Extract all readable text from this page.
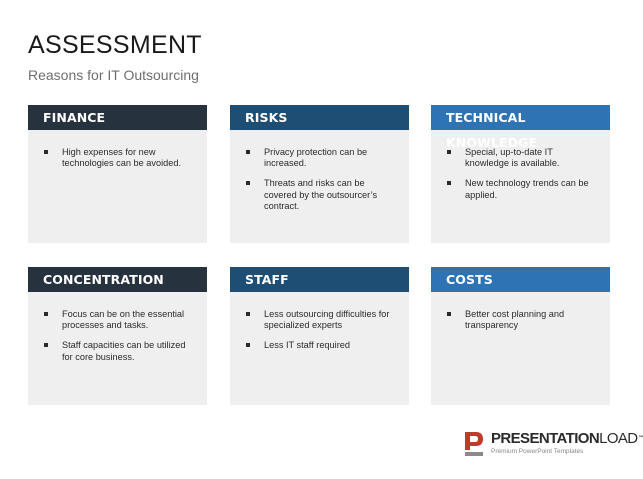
ASSESSMENT
Reasons for IT Outsourcing
FINANCE
High expenses for new technologies can be avoided.
RISKS
Privacy protection can be increased.
Threats and risks can be covered by the outsourcer’s contract.
TECHNICAL KNOWLEDGE
Special, up-to-date IT knowledge is available.
New technology trends can be applied.
CONCENTRATION
Focus can be on the essential processes and tasks.
Staff capacities can be utilized for core business.
STAFF
Less outsourcing difficulties for specialized experts
Less IT staff required
COSTS
Better cost planning and transparency
PRESENTATIONLOAD™
Premium PowerPoint Templates
